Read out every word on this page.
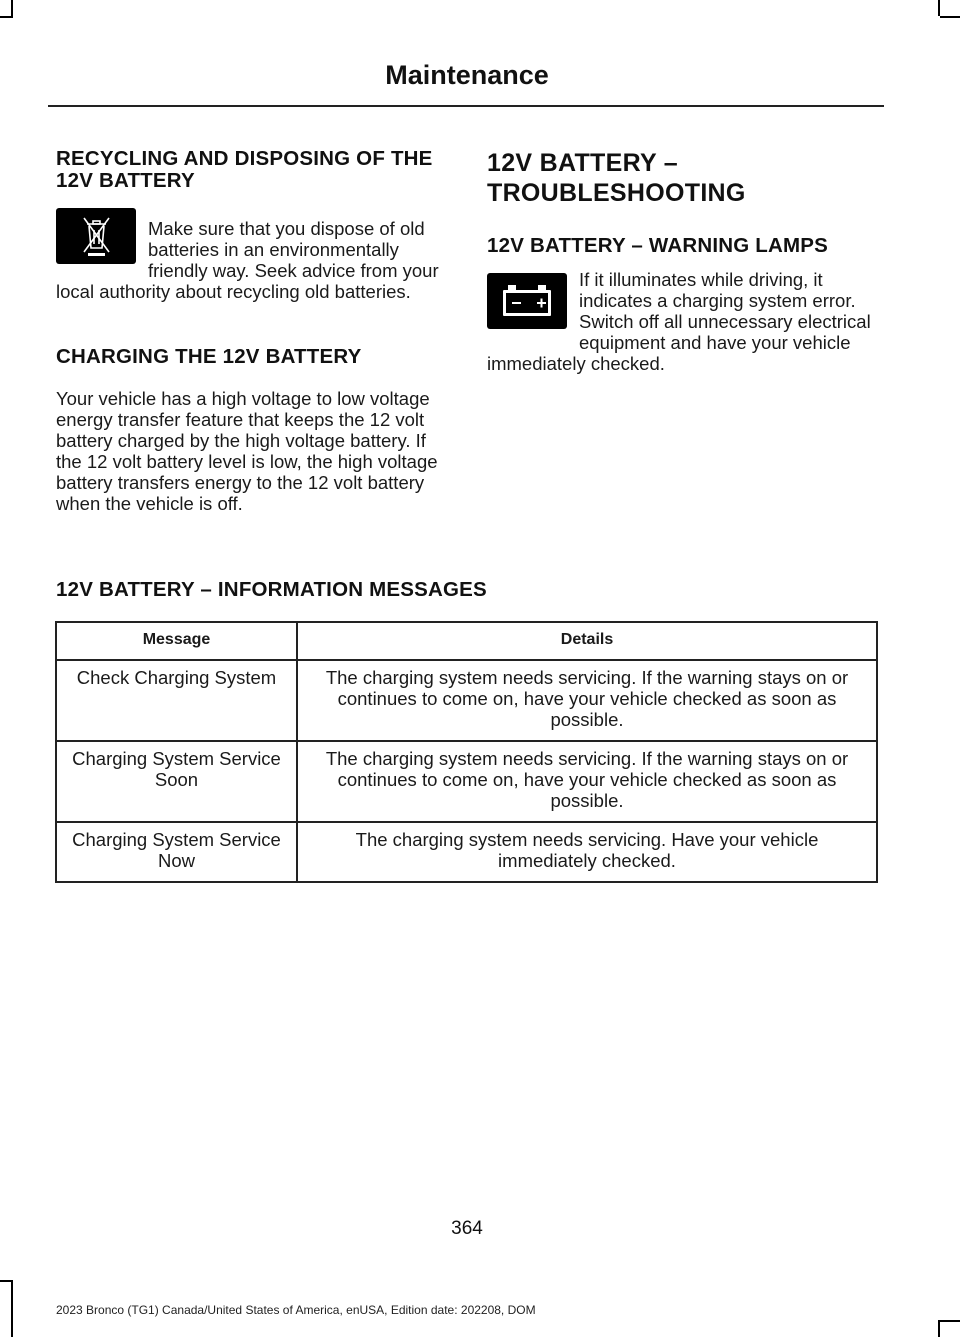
Maintenance
RECYCLING AND DISPOSING OF THE 12V BATTERY

Make sure that you dispose of old batteries in an environmentally friendly way. Seek advice from your local authority about recycling old batteries.

CHARGING THE 12V BATTERY

Your vehicle has a high voltage to low voltage energy transfer feature that keeps the 12 volt battery charged by the high voltage battery. If the 12 volt battery level is low, the high voltage battery transfers energy to the 12 volt battery when the vehicle is off.

12V BATTERY –
TROUBLESHOOTING
12V BATTERY – WARNING LAMPS

If it illuminates while driving, it indicates a charging system error. Switch off all unnecessary electrical equipment and have your vehicle immediately checked.

12V BATTERY – INFORMATION MESSAGES
Message	Details
Check Charging System	The charging system needs servicing. If the warning stays on or continues to come on, have your vehicle checked as soon as possible.
Charging System Service Soon	The charging system needs servicing. If the warning stays on or continues to come on, have your vehicle checked as soon as possible.
Charging System Service Now	The charging system needs servicing. Have your vehicle immediately checked.
364
2023 Bronco (TG1) Canada/United States of America, enUSA, Edition date: 202208, DOM
